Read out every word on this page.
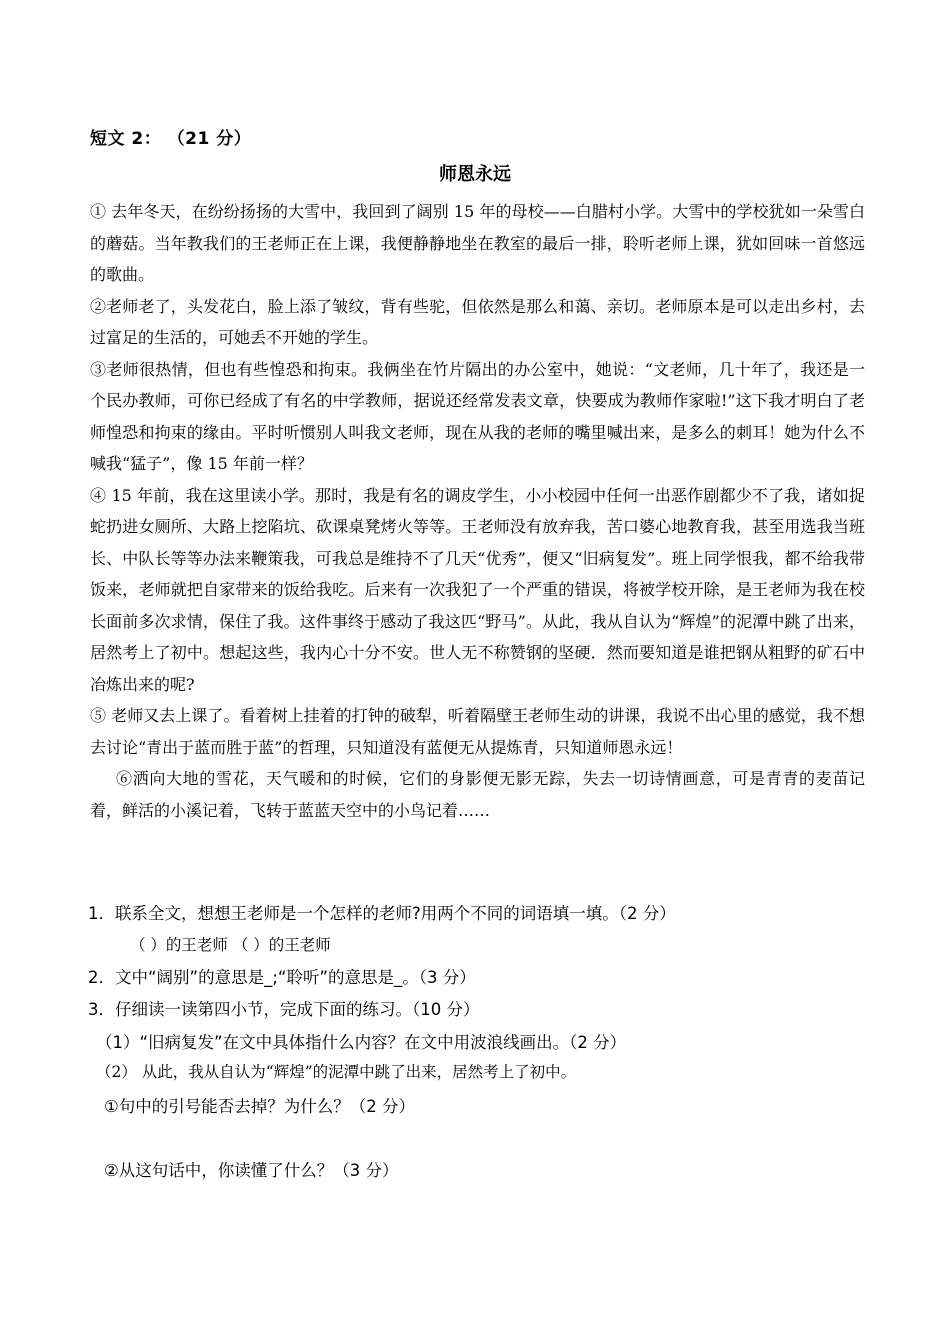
短文 2： （21 分）
师恩永远

① 去年冬天，在纷纷扬扬的大雪中，我回到了阔别 15 年的母校——白腊村小学。大雪中的学校犹如一朵雪白的蘑菇。当年教我们的王老师正在上课，我便静静地坐在教室的最后一排，聆听老师上课，犹如回味一首悠远的歌曲。

②老师老了，头发花白，脸上添了皱纹，背有些驼，但依然是那么和蔼、亲切。老师原本是可以走出乡村，去过富足的生活的，可她丢不开她的学生。

③老师很热情，但也有些惶恐和拘束。我俩坐在竹片隔出的办公室中，她说：“文老师，几十年了，我还是一个民办教师，可你已经成了有名的中学教师，据说还经常发表文章，快要成为教师作家啦!”这下我才明白了老师惶恐和拘束的缘由。平时听惯别人叫我文老师，现在从我的老师的嘴里喊出来，是多么的刺耳！她为什么不喊我“猛子”，像 15 年前一样？

④ 15 年前，我在这里读小学。那时，我是有名的调皮学生，小小校园中任何一出恶作剧都少不了我，诸如捉蛇扔进女厕所、大路上挖陷坑、砍课桌凳烤火等等。王老师没有放弃我，苦口婆心地教育我，甚至用选我当班长、中队长等等办法来鞭策我，可我总是维持不了几天“优秀”，便又“旧病复发”。班上同学恨我，都不给我带饭来，老师就把自家带来的饭给我吃。后来有一次我犯了一个严重的错误，将被学校开除，是王老师为我在校长面前多次求情，保住了我。这件事终于感动了我这匹“野马”。从此，我从自认为“辉煌”的泥潭中跳了出来，居然考上了初中。想起这些，我内心十分不安。世人无不称赞钢的坚硬．然而要知道是谁把钢从粗野的矿石中冶炼出来的呢?

⑤ 老师又去上课了。看着树上挂着的打钟的破犁，听着隔壁王老师生动的讲课，我说不出心里的感觉，我不想去讨论“青出于蓝而胜于蓝”的哲理，只知道没有蓝便无从提炼青，只知道师恩永远！

⑥洒向大地的雪花，天气暖和的时候，它们的身影便无影无踪，失去一切诗情画意，可是青青的麦苗记着，鲜活的小溪记着，飞转于蓝蓝天空中的小鸟记着……

1．联系全文，想想王老师是一个怎样的老师?用两个不同的词语填一填。（2 分）
（ ）的王老师 （ ）的王老师
2．文中“阔别”的意思是_;“聆听”的意思是_。（3 分）
3．仔细读一读第四小节，完成下面的练习。（10 分）
（1）“旧病复发”在文中具体指什么内容？在文中用波浪线画出。（2 分）
（2） 从此，我从自认为“辉煌”的泥潭中跳了出来，居然考上了初中。
①句中的引号能否去掉？为什么？（2 分）
②从这句话中，你读懂了什么？（3 分）
